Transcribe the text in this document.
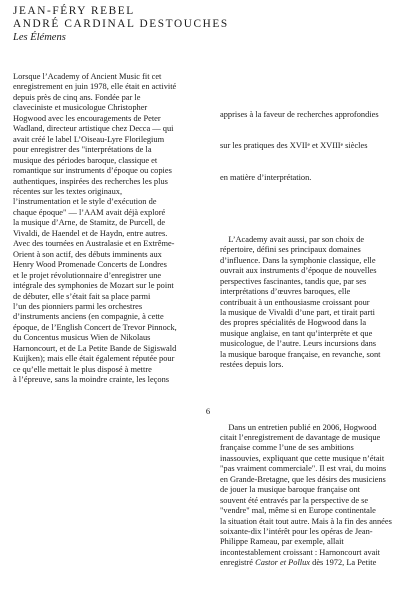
JEAN-FÉRY REBEL
ANDRÉ CARDINAL DESTOUCHES
Les Élémens
Lorsque l’Academy of Ancient Music fit cet
enregistrement en juin 1978, elle était en activité
depuis près de cinq ans. Fondée par le
claveciniste et musicologue Christopher
Hogwood avec les encouragements de Peter
Wadland, directeur artistique chez Decca — qui
avait créé le label L’Oiseau-Lyre Florilegium
pour enregistrer des "interprétations de la
musique des périodes baroque, classique et
romantique sur instruments d’époque ou copies
authentiques, inspirées des recherches les plus
récentes sur les textes originaux,
l’instrumentation et le style d’exécution de
chaque époque" — l’AAM avait déjà exploré
la musique d’Arne, de Stamitz, de Purcell, de
Vivaldi, de Haendel et de Haydn, entre autres.
Avec des tournées en Australasie et en Extrême-
Orient à son actif, des débuts imminents aux
Henry Wood Promenade Concerts de Londres
et le projet révolutionnaire d’enregistrer une
intégrale des symphonies de Mozart sur le point
de débuter, elle s’était fait sa place parmi
l’un des pionniers parmi les orchestres
d’instruments anciens (en compagnie, à cette
époque, de l’English Concert de Trevor Pinnock,
du Concentus musicus Wien de Nikolaus
Harnoncourt, et de La Petite Bande de Sigiswald
Kuijken); mais elle était également réputée pour
ce qu’elle mettait le plus disposé à mettre
à l’épreuve, sans la moindre crainte, les leçons

apprises à la faveur de recherches approfondies

sur les pratiques des XVIIe et XVIIIe siècles

en matière d’interprétation.

L’Academy avait aussi, par son choix de
répertoire, défini ses principaux domaines
d’influence. Dans la symphonie classique, elle
ouvrait aux instruments d’époque de nouvelles
perspectives fascinantes, tandis que, par ses
interprétations d’œuvres baroques, elle
contribuait à un enthousiasme croissant pour
la musique de Vivaldi d’une part, et tirait parti
des propres spécialités de Hogwood dans la
musique anglaise, en tant qu’interprète et que
musicologue, de l’autre. Leurs incursions dans
la musique baroque française, en revanche, sont
restées depuis lors.

Dans un entretien publié en 2006, Hogwood
citait l’enregistrement de davantage de musique
française comme l’une de ses ambitions
inassouvies, expliquant que cette musique n’était
"pas vraiment commerciale". Il est vrai, du moins
en Grande-Bretagne, que les désirs des musiciens
de jouer la musique baroque française ont
souvent été entravés par la perspective de se
"vendre" mal, même si en Europe continentale
la situation était tout autre. Mais à la fin des années
soixante-dix l’intérêt pour les opéras de Jean-
Philippe Rameau, par exemple, allait
incontestablement croissant : Harnoncourt avait
enregistré Castor et Pollux dès 1972, La Petite

6
